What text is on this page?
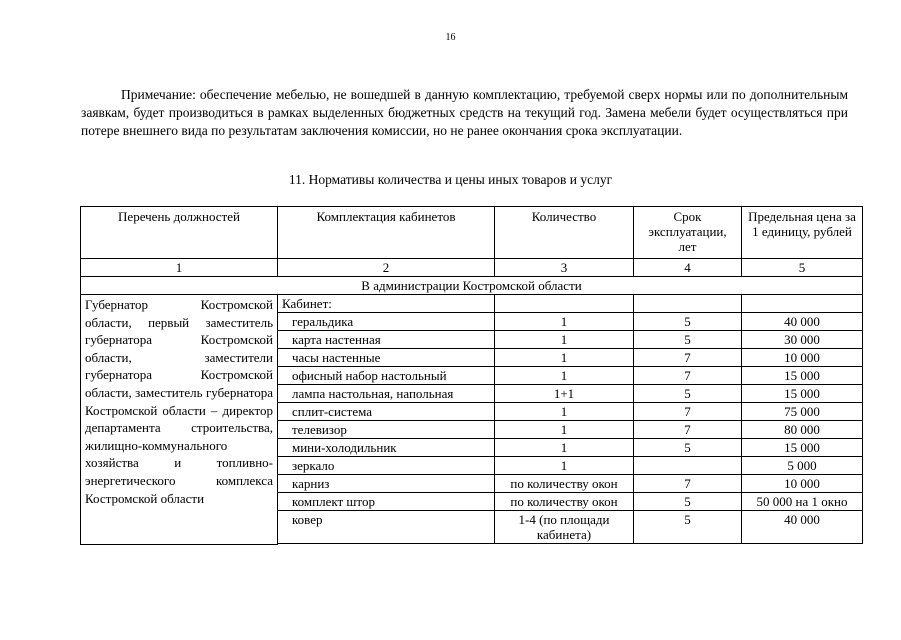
16

Примечание: обеспечение мебелью, не вошедшей в данную комплектацию, требуемой сверх нормы или по дополнительным заявкам, будет производиться в рамках выделенных бюджетных средств на текущий год. Замена мебели будет осуществляться при потере внешнего вида по результатам заключения комиссии, но не ранее окончания срока эксплуатации.

11. Нормативы количества и цены иных товаров и услуг
Перечень должностей	Комплектация кабинетов	Количество	Срок эксплуатации, лет	Предельная цена за 1 единицу, рублей
1	2	3	4	5
В администрации Костромской области				
Губернатор Костромской области, первый заместитель губернатора Костромской области, заместители губернатора Костромской области, заместитель губернатора Костромской области – директор департамента строительства, жилищно-коммунального хозяйства и топливно-энергетического комплекса Костромской области	Кабинет:			
	геральдика	1	5	40 000
	карта настенная	1	5	30 000
	часы настенные	1	7	10 000
	офисный набор настольный	1	7	15 000
	лампа настольная, напольная	1+1	5	15 000
	сплит-система	1	7	75 000
	телевизор	1	7	80 000
	мини-холодильник	1	5	15 000
	зеркало	1		5 000
	карниз	по количеству окон	7	10 000
	комплект штор	по количеству окон	5	50 000 на 1 окно
	ковер	1-4 (по площади кабинета)	5	40 000
